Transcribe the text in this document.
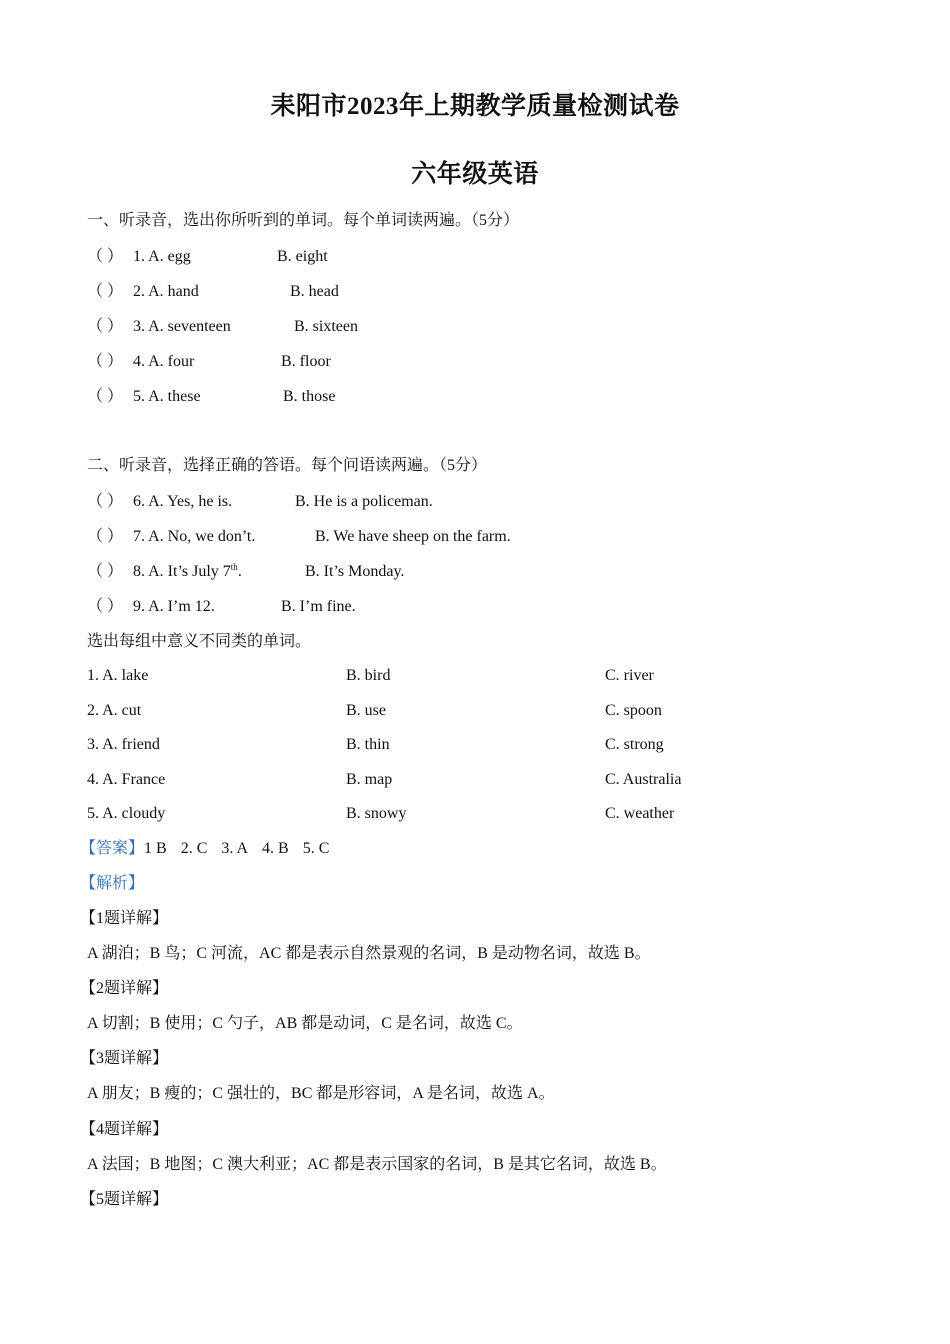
耒阳市2023年上期教学质量检测试卷
六年级英语
一、听录音，选出你所听到的单词。每个单词读两遍。（5分）
（ ） 1. A. egg	B. eight
（ ） 2. A. hand	B. head
（ ） 3. A. seventeen	B. sixteen
（ ） 4. A. four	B. floor
（ ） 5. A. these	B. those
二、听录音，选择正确的答语。每个问语读两遍。（5分）
（ ） 6. A. Yes, he is.	B. He is a policeman.
（ ） 7. A. No, we don’t.	B. We have sheep on the farm.
（ ） 8. A. It’s July 7th.	B. It’s Monday.
（ ） 9. A. I’m 12.	B. I’m fine.
选出每组中意义不同类的单词。
1. A. lake	B. bird	C. river
2. A. cut	B. use	C. spoon
3. A. friend	B. thin	C. strong
4. A. France	B. map	C. Australia
5. A. cloudy	B. snowy	C. weather
【答案】1 B 2. C 3. A 4. B 5. C
【解析】
【1题详解】
A 湖泊；B 鸟；C 河流，AC 都是表示自然景观的名词，B 是动物名词，故选 B。
【2题详解】
A 切割；B 使用；C 勺子，AB 都是动词，C 是名词，故选 C。
【3题详解】
A 朋友；B 瘦的；C 强壮的，BC 都是形容词，A 是名词，故选 A。
【4题详解】
A 法国；B 地图；C 澳大利亚；AC 都是表示国家的名词，B 是其它名词，故选 B。
【5题详解】
